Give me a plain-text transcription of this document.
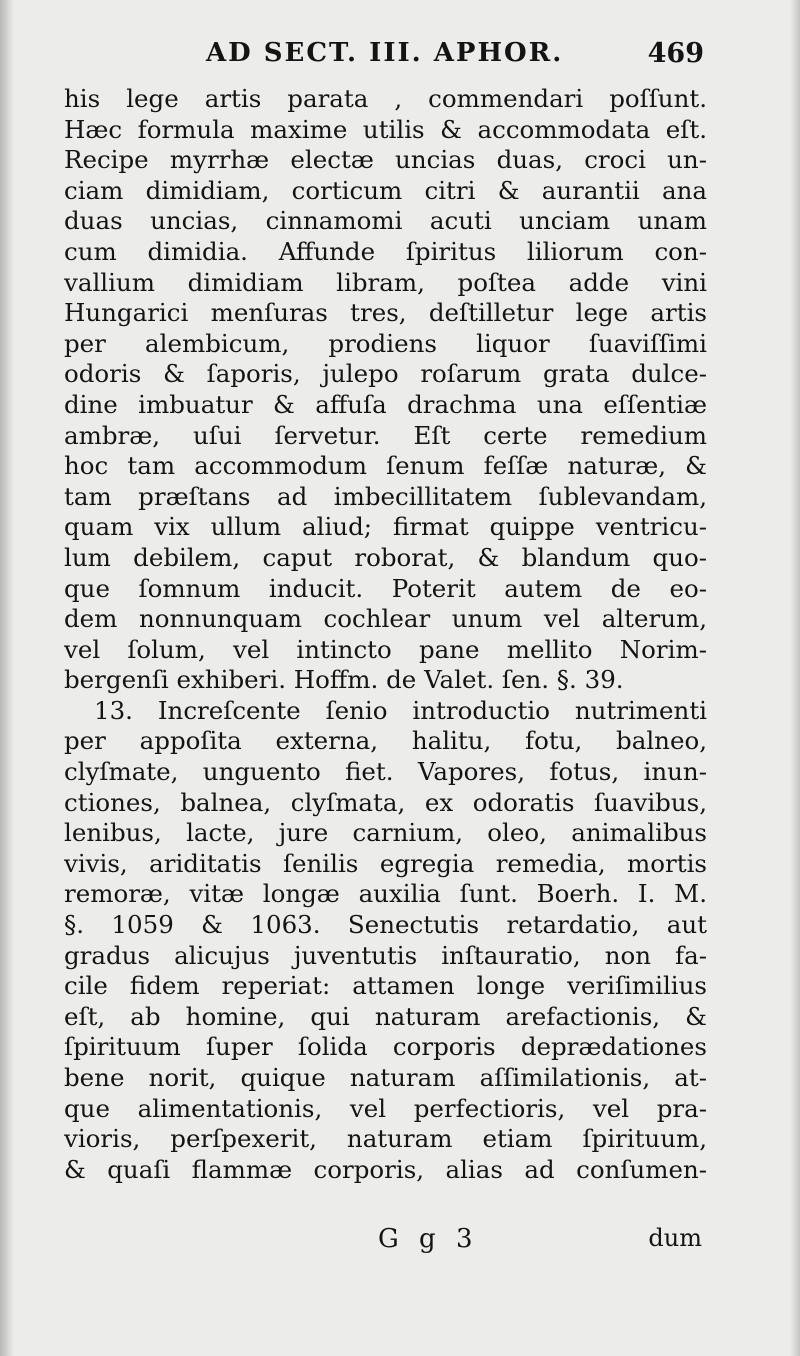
AD SECT. III. APHOR.	469
his lege artis parata , commendari poſſunt.
Hæc formula maxime utilis & accommodata eſt.
Recipe myrrhæ electæ uncias duas, croci un-
ciam dimidiam, corticum citri & aurantii ana
duas uncias, cinnamomi acuti unciam unam
cum dimidia. Affunde ſpiritus liliorum con-
vallium dimidiam libram, poſtea adde vini
Hungarici menſuras tres, deſtilletur lege artis
per alembicum, prodiens liquor ſuaviſſimi
odoris & ſaporis, julepo roſarum grata dulce-
dine imbuatur & affuſa drachma una eſſentiæ
ambræ, uſui ſervetur. Eſt certe remedium
hoc tam accommodum ſenum feſſæ naturæ, &
tam præſtans ad imbecillitatem ſublevandam,
quam vix ullum aliud; firmat quippe ventricu-
lum debilem, caput roborat, & blandum quo-
que ſomnum inducit. Poterit autem de eo-
dem nonnunquam cochlear unum vel alterum,
vel ſolum, vel intincto pane mellito Norim-
bergenſi exhiberi. Hoffm. de Valet. ſen. §. 39.
13. Increſcente ſenio introductio nutrimenti
per appoſita externa, halitu, fotu, balneo,
clyſmate, unguento fiet. Vapores, fotus, inun-
ctiones, balnea, clyſmata, ex odoratis ſuavibus,
lenibus, lacte, jure carnium, oleo, animalibus
vivis, ariditatis ſenilis egregia remedia, mortis
remoræ, vitæ longæ auxilia ſunt. Boerh. I. M.
§. 1059 & 1063. Senectutis retardatio, aut
gradus alicujus juventutis inſtauratio, non fa-
cile fidem reperiat: attamen longe veriſimilius
eſt, ab homine, qui naturam arefactionis, &
ſpirituum ſuper ſolida corporis deprædationes
bene norit, quique naturam aſſimilationis, at-
que alimentationis, vel perfectioris, vel pra-
vioris, perſpexerit, naturam etiam ſpirituum,
& quaſi flammæ corporis, alias ad conſumen-
G g 3	dum
